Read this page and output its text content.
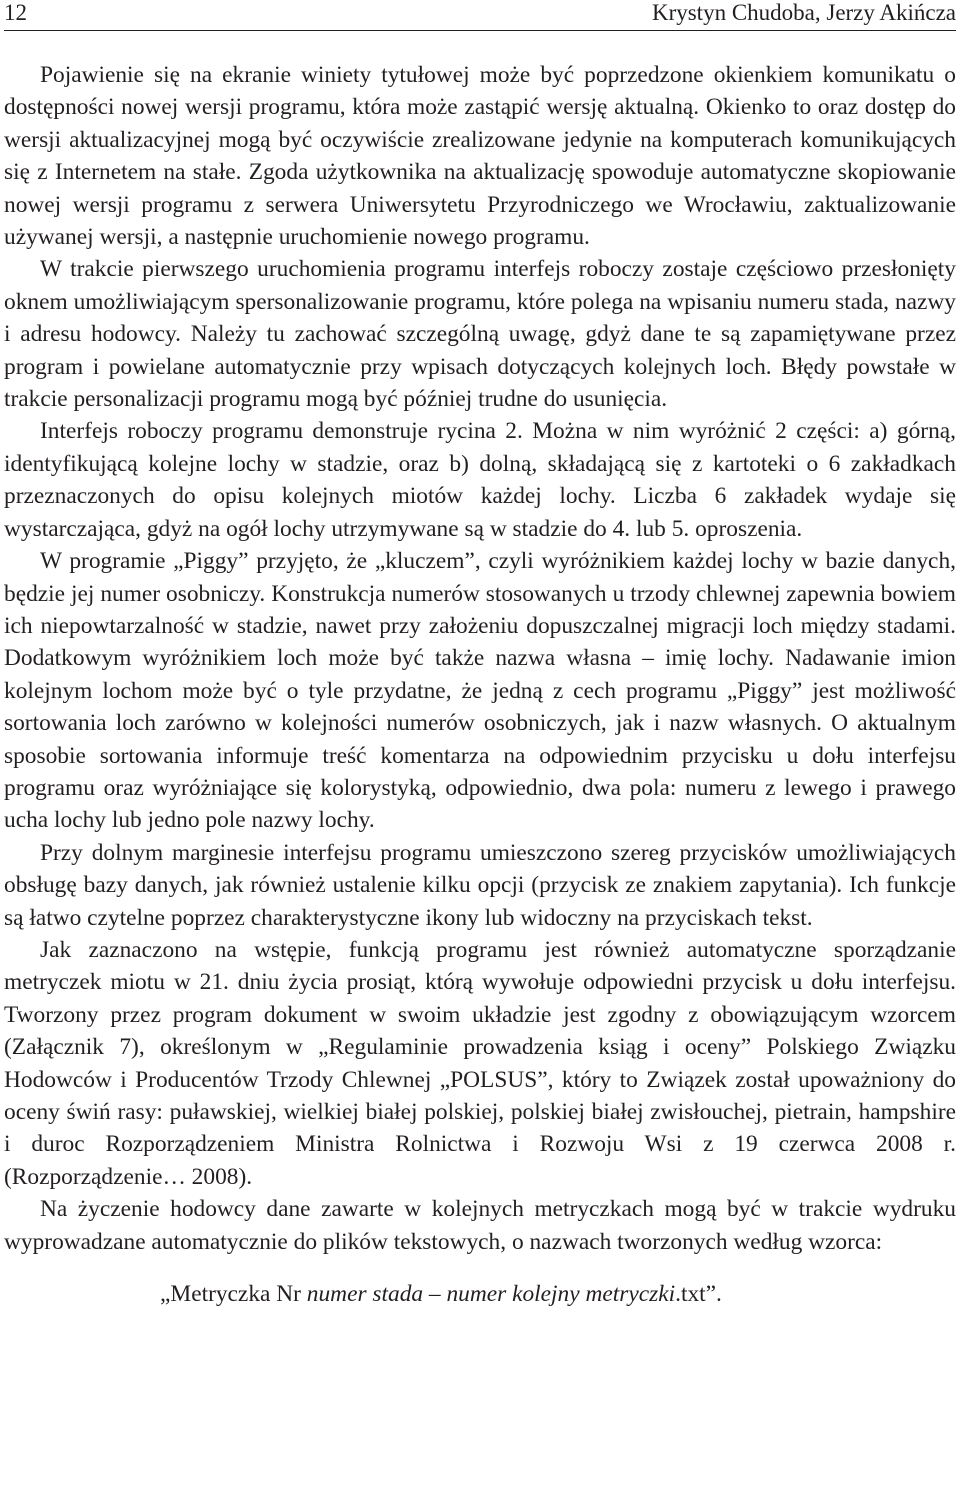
12	Krystyn Chudoba, Jerzy Akińcza

Pojawienie się na ekranie winiety tytułowej może być poprzedzone okienkiem komunikatu o dostępności nowej wersji programu, która może zastąpić wersję aktualną. Okienko to oraz dostęp do wersji aktualizacyjnej mogą być oczywiście zrealizowane jedynie na komputerach komunikujących się z Internetem na stałe. Zgoda użytkownika na aktualizację spowoduje automatyczne skopiowanie nowej wersji programu z serwera Uniwersytetu Przyrodniczego we Wrocławiu, zaktualizowanie używanej wersji, a następnie uruchomienie nowego programu.

W trakcie pierwszego uruchomienia programu interfejs roboczy zostaje częściowo przesłonięty oknem umożliwiającym spersonalizowanie programu, które polega na wpisaniu numeru stada, nazwy i adresu hodowcy. Należy tu zachować szczególną uwagę, gdyż dane te są zapamiętywane przez program i powielane automatycznie przy wpisach dotyczących kolejnych loch. Błędy powstałe w trakcie personalizacji programu mogą być później trudne do usunięcia.

Interfejs roboczy programu demonstruje rycina 2. Można w nim wyróżnić 2 części: a) górną, identyfikującą kolejne lochy w stadzie, oraz b) dolną, składającą się z kartoteki o 6 zakładkach przeznaczonych do opisu kolejnych miotów każdej lochy. Liczba 6 zakładek wydaje się wystarczająca, gdyż na ogół lochy utrzymywane są w stadzie do 4. lub 5. oproszenia.

W programie „Piggy” przyjęto, że „kluczem”, czyli wyróżnikiem każdej lochy w bazie danych, będzie jej numer osobniczy. Konstrukcja numerów stosowanych u trzody chlewnej zapewnia bowiem ich niepowtarzalność w stadzie, nawet przy założeniu dopuszczalnej migracji loch między stadami. Dodatkowym wyróżnikiem loch może być także nazwa własna – imię lochy. Nadawanie imion kolejnym lochom może być o tyle przydatne, że jedną z cech programu „Piggy” jest możliwość sortowania loch zarówno w kolejności numerów osobniczych, jak i nazw własnych. O aktualnym sposobie sortowania informuje treść komentarza na odpowiednim przycisku u dołu interfejsu programu oraz wyróżniające się kolorystyką, odpowiednio, dwa pola: numeru z lewego i prawego ucha lochy lub jedno pole nazwy lochy.

Przy dolnym marginesie interfejsu programu umieszczono szereg przycisków umożliwiających obsługę bazy danych, jak również ustalenie kilku opcji (przycisk ze znakiem zapytania). Ich funkcje są łatwo czytelne poprzez charakterystyczne ikony lub widoczny na przyciskach tekst.

Jak zaznaczono na wstępie, funkcją programu jest również automatyczne sporządzanie metryczek miotu w 21. dniu życia prosiąt, którą wywołuje odpowiedni przycisk u dołu interfejsu. Tworzony przez program dokument w swoim układzie jest zgodny z obowiązującym wzorcem (Załącznik 7), określonym w „Regulaminie prowadzenia ksiąg i oceny” Polskiego Związku Hodowców i Producentów Trzody Chlewnej „POLSUS”, który to Związek został upoważniony do oceny świń rasy: puławskiej, wielkiej białej polskiej, polskiej białej zwisłouchej, pietrain, hampshire i duroc Rozporządzeniem Ministra Rolnictwa i Rozwoju Wsi z 19 czerwca 2008 r. (Rozporządzenie… 2008).

Na życzenie hodowcy dane zawarte w kolejnych metryczkach mogą być w trakcie wydruku wyprowadzane automatycznie do plików tekstowych, o nazwach tworzonych według wzorca:

„Metryczka Nr numer stada – numer kolejny metryczki.txt”.
